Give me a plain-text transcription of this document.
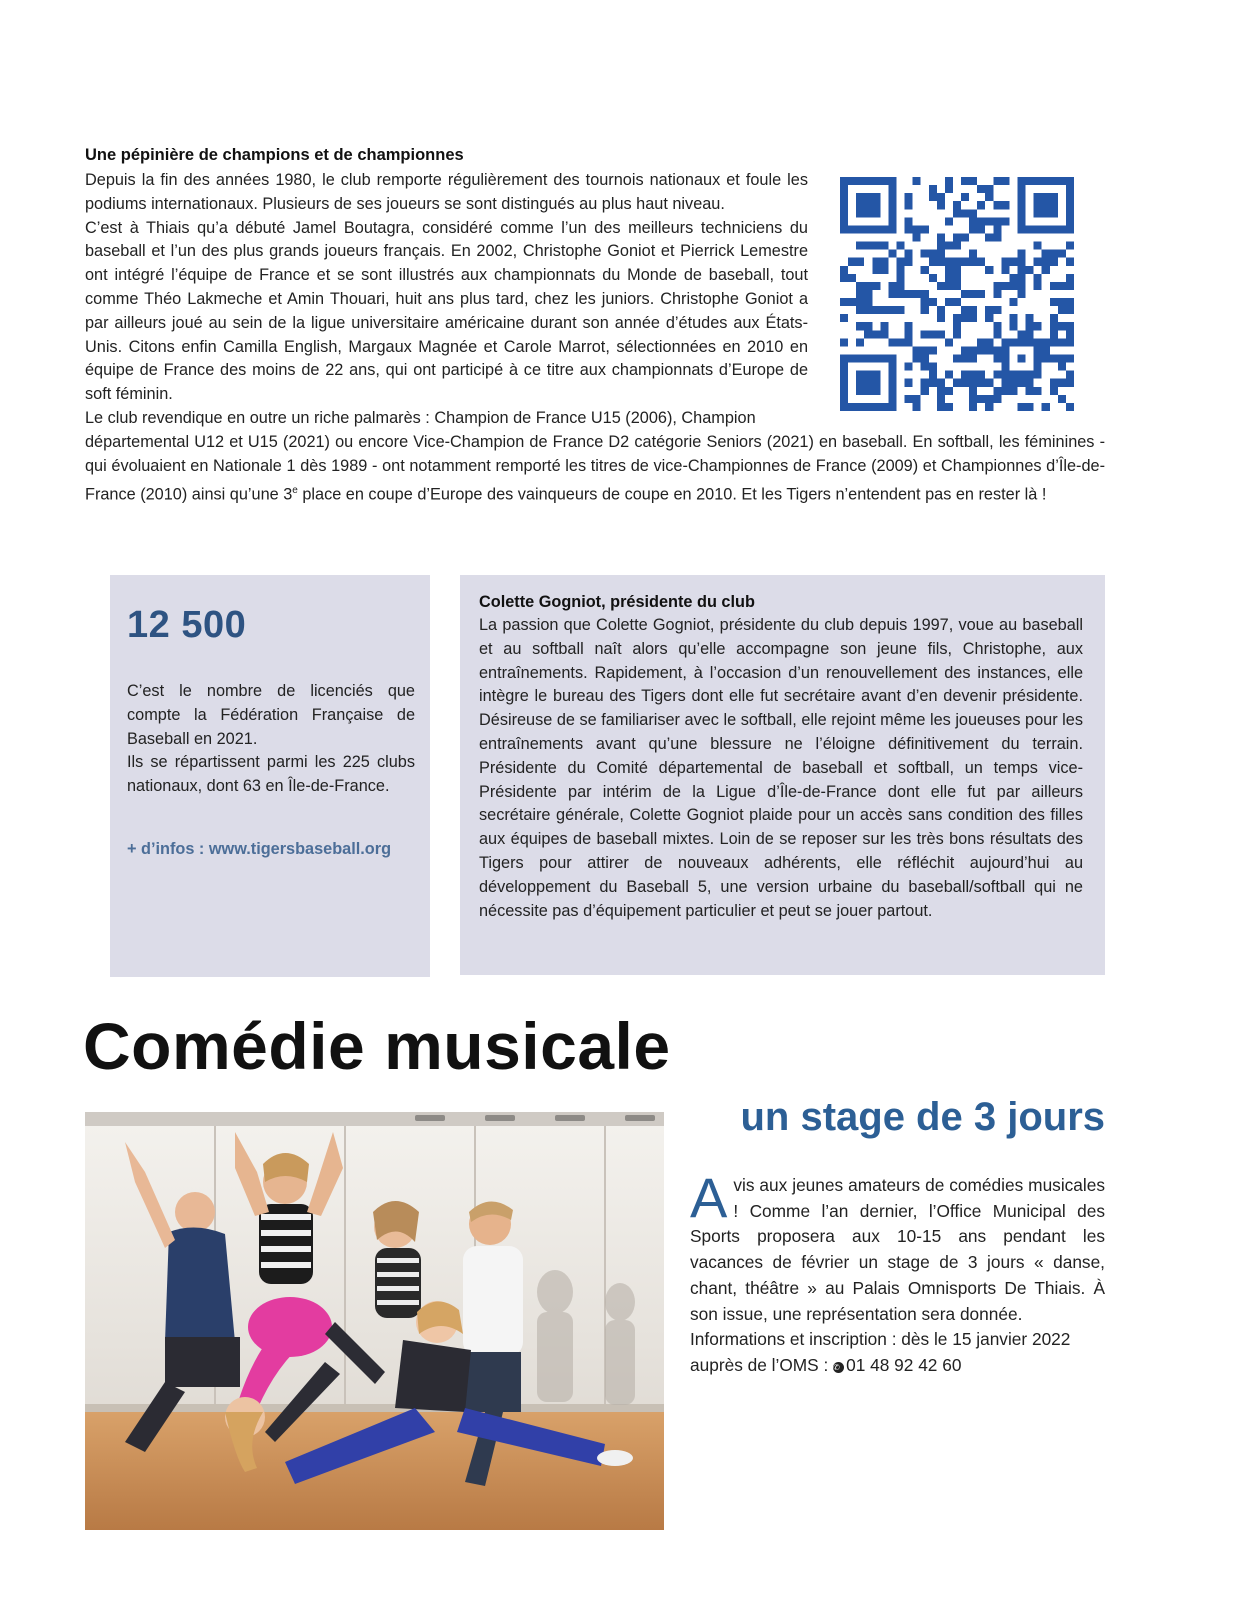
Une pépinière de champions et de championnes

Depuis la fin des années 1980, le club remporte régulièrement des tournois nationaux et foule les podiums internationaux. Plusieurs de ses joueurs se sont distingués au plus haut niveau.

C’est à Thiais qu’a débuté Jamel Boutagra, considéré comme l’un des meilleurs techniciens du baseball et l’un des plus grands joueurs français. En 2002, Christophe Goniot et Pierrick Lemestre ont intégré l’équipe de France et se sont illustrés aux championnats du Monde de baseball, tout comme Théo Lakmeche et Amin Thouari, huit ans plus tard, chez les juniors. Christophe Goniot a par ailleurs joué au sein de la ligue universitaire américaine durant son année d’études aux États-Unis. Citons enfin Camilla English, Margaux Magnée et Carole Marrot, sélectionnées en 2010 en équipe de France des moins de 22 ans, qui ont participé à ce titre aux championnats d’Europe de soft féminin.

Le club revendique en outre un riche palmarès : Champion de France U15 (2006), Champion

départemental U12 et U15 (2021) ou encore Vice-Champion de France D2 catégorie Seniors (2021) en baseball. En softball, les féminines - qui évoluaient en Nationale 1 dès 1989 - ont notamment remporté les titres de vice-Championnes de France (2009) et Championnes d’Île-de-France (2010) ainsi qu’une 3e place en coupe d’Europe des vainqueurs de coupe en 2010. Et les Tigers n’entendent pas en rester là !
12 500

C’est le nombre de licenciés que compte la Fédération Française de Baseball en 2021.

Ils se répartissent parmi les 225 clubs nationaux, dont 63 en Île-de-France.

+ d’infos : www.tigersbaseball.org
Colette Gogniot, présidente du club
La passion que Colette Gogniot, présidente du club depuis 1997, voue au baseball et au softball naît alors qu’elle accompagne son jeune fils, Christophe, aux entraînements. Rapidement, à l’occasion d’un renouvellement des instances, elle intègre le bureau des Tigers dont elle fut secrétaire avant d’en devenir présidente. Désireuse de se familiariser avec le softball, elle rejoint même les joueuses pour les entraînements avant qu’une blessure ne l’éloigne définitivement du terrain. Présidente du Comité départemental de baseball et softball, un temps vice-Présidente par intérim de la Ligue d’Île-de-France dont elle fut par ailleurs secrétaire générale, Colette Gogniot plaide pour un accès sans condition des filles aux équipes de baseball mixtes. Loin de se reposer sur les très bons résultats des Tigers pour attirer de nouveaux adhérents, elle réfléchit aujourd’hui au développement du Baseball 5, une version urbaine du baseball/softball qui ne nécessite pas d’équipement particulier et peut se jouer partout.
Comédie musicale
un stage de 3 jours
A vis aux jeunes amateurs de comédies musicales ! Comme l’an dernier, l’Office Municipal des Sports proposera aux 10-15 ans pendant les vacances de février un stage de 3 jours « danse, chant, théâtre » au Palais Omnisports De Thiais. À son issue, une représentation sera donnée.

Informations et inscription : dès le 15 janvier 2022

auprès de l’OMS : ✆ 01 48 92 42 60
